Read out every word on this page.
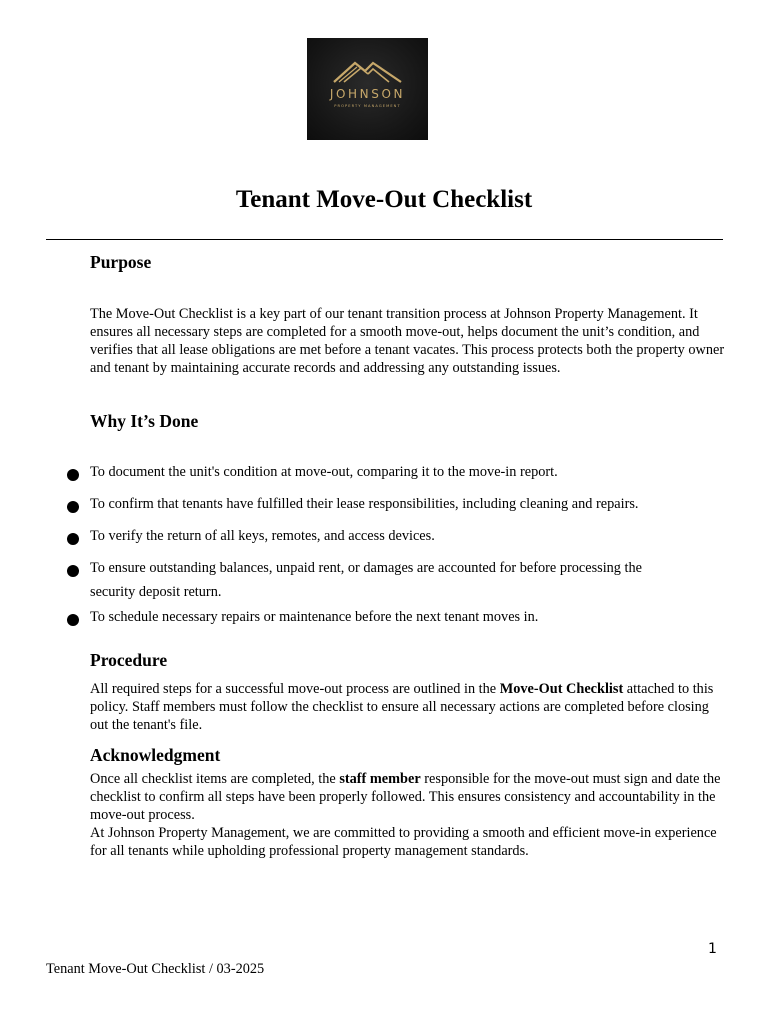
JOHNSON
PROPERTY MANAGEMENT
Tenant Move-Out Checklist
Purpose

The Move-Out Checklist is a key part of our tenant transition process at Johnson Property Management. It ensures all necessary steps are completed for a smooth move-out, helps document the unit’s condition, and verifies that all lease obligations are met before a tenant vacates. This process protects both the property owner and tenant by maintaining accurate records and addressing any outstanding issues.

Why It’s Done
To document the unit's condition at move-out, comparing it to the move-in report.
To confirm that tenants have fulfilled their lease responsibilities, including cleaning and repairs.
To verify the return of all keys, remotes, and access devices.
To ensure outstanding balances, unpaid rent, or damages are accounted for before processing the security deposit return.
To schedule necessary repairs or maintenance before the next tenant moves in.
Procedure

All required steps for a successful move-out process are outlined in the Move-Out Checklist attached to this policy. Staff members must follow the checklist to ensure all necessary actions are completed before closing out the tenant's file.

Acknowledgment

Once all checklist items are completed, the staff member responsible for the move-out must sign and date the checklist to confirm all steps have been properly followed. This ensures consistency and accountability in the move-out process.

At Johnson Property Management, we are committed to providing a smooth and efficient move-in experience for all tenants while upholding professional property management standards.

1
Tenant Move-Out Checklist / 03-2025
